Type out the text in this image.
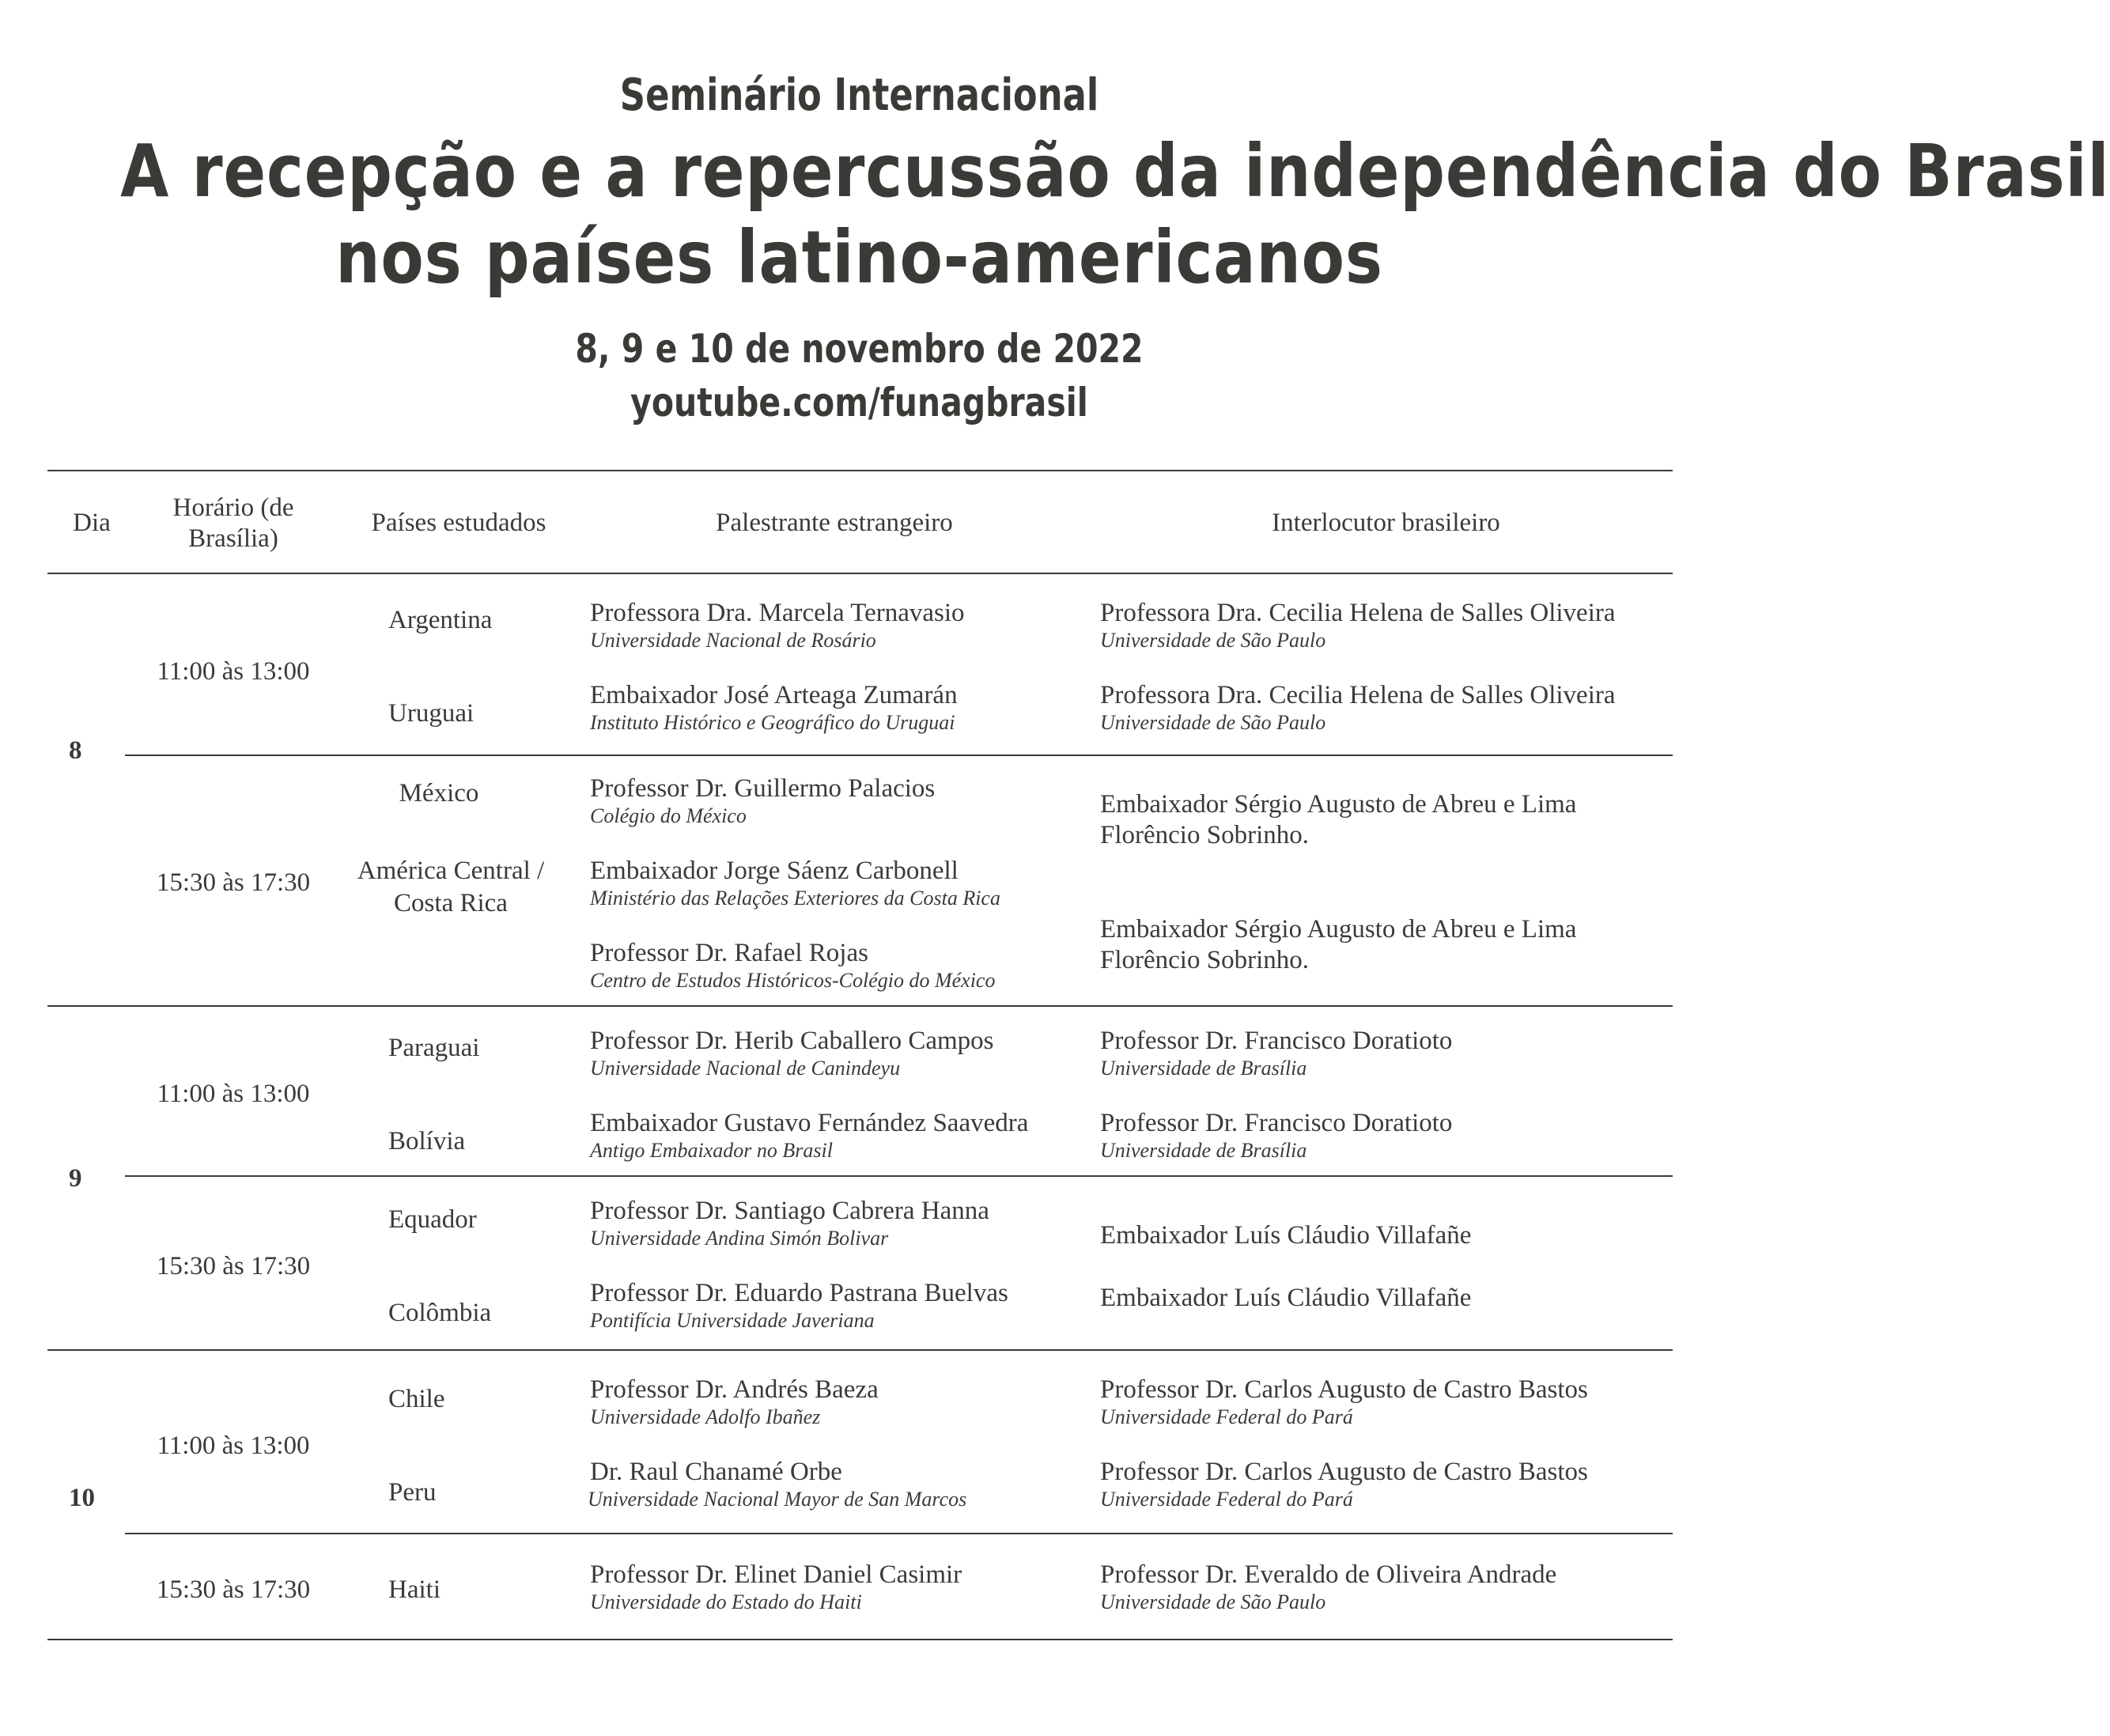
Seminário Internacional
A recepção e a repercussão da independência do Brasil
nos países latino-americanos
8, 9 e 10 de novembro de 2022
youtube.com/funagbrasil
Dia
Horário (de
Brasília)
Países estudados	Palestrante estrangeiro	Interlocutor brasileiro
8
9
10
11:00 às 13:00
15:30 às 17:30
11:00 às 13:00
15:30 às 17:30
11:00 às 13:00
15:30 às 17:30
Argentina
Uruguai
México
América Central /
Costa Rica
Paraguai
Bolívia
Equador
Colômbia
Chile
Peru
Haiti
Professora Dra. Marcela Ternavasio
Universidade Nacional de Rosário
Embaixador José Arteaga Zumarán
Instituto Histórico e Geográfico do Uruguai
Professor Dr. Guillermo Palacios
Colégio do México
Embaixador Jorge Sáenz Carbonell
Ministério das Relações Exteriores da Costa Rica
Professor Dr. Rafael Rojas
Centro de Estudos Históricos-Colégio do México
Professor Dr. Herib Caballero Campos
Universidade Nacional de Canindeyu
Embaixador Gustavo Fernández Saavedra
Antigo Embaixador no Brasil
Professor Dr. Santiago Cabrera Hanna
Universidade Andina Simón Bolivar
Professor Dr. Eduardo Pastrana Buelvas
Pontifícia Universidade Javeriana
Professor Dr. Andrés Baeza
Universidade Adolfo Ibañez
Dr. Raul Chanamé Orbe
Universidade Nacional Mayor de San Marcos
Professor Dr. Elinet Daniel Casimir
Universidade do Estado do Haiti
Professora Dra. Cecilia Helena de Salles Oliveira
Universidade de São Paulo
Professora Dra. Cecilia Helena de Salles Oliveira
Universidade de São Paulo
Embaixador Sérgio Augusto de Abreu e Lima
Florêncio Sobrinho.
Embaixador Sérgio Augusto de Abreu e Lima
Florêncio Sobrinho.
Professor Dr. Francisco Doratioto
Universidade de Brasília
Professor Dr. Francisco Doratioto
Universidade de Brasília
Embaixador Luís Cláudio Villafañe
Embaixador Luís Cláudio Villafañe
Professor Dr. Carlos Augusto de Castro Bastos
Universidade Federal do Pará
Professor Dr. Carlos Augusto de Castro Bastos
Universidade Federal do Pará
Professor Dr. Everaldo de Oliveira Andrade
Universidade de São Paulo
